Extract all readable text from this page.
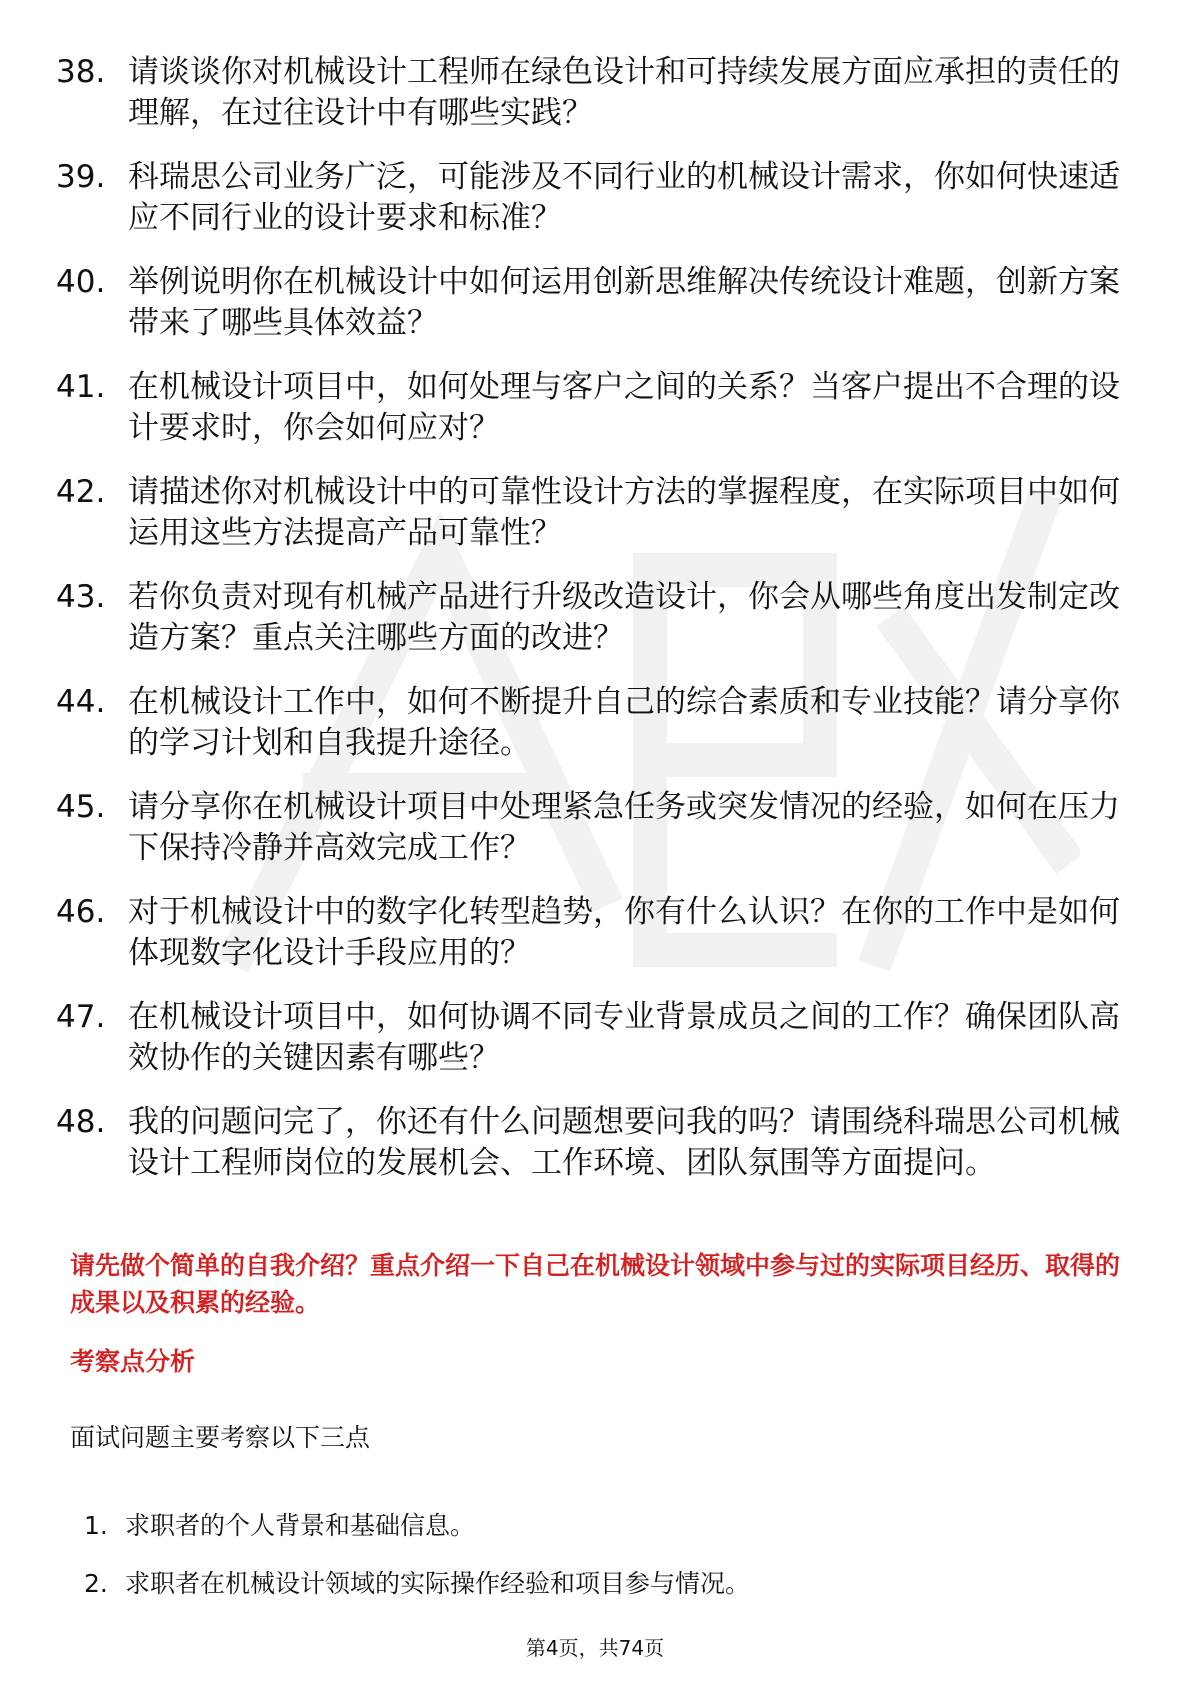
38. 请谈谈你对机械设计工程师在绿色设计和可持续发展方面应承担的责任的理解，在过往设计中有哪些实践？
39. 科瑞思公司业务广泛，可能涉及不同行业的机械设计需求，你如何快速适应不同行业的设计要求和标准？
40. 举例说明你在机械设计中如何运用创新思维解决传统设计难题，创新方案带来了哪些具体效益？
41. 在机械设计项目中，如何处理与客户之间的关系？当客户提出不合理的设计要求时，你会如何应对？
42. 请描述你对机械设计中的可靠性设计方法的掌握程度，在实际项目中如何运用这些方法提高产品可靠性？
43. 若你负责对现有机械产品进行升级改造设计，你会从哪些角度出发制定改造方案？重点关注哪些方面的改进？
44. 在机械设计工作中，如何不断提升自己的综合素质和专业技能？请分享你的学习计划和自我提升途径。
45. 请分享你在机械设计项目中处理紧急任务或突发情况的经验，如何在压力下保持冷静并高效完成工作？
46. 对于机械设计中的数字化转型趋势，你有什么认识？在你的工作中是如何体现数字化设计手段应用的？
47. 在机械设计项目中，如何协调不同专业背景成员之间的工作？确保团队高效协作的关键因素有哪些？
48. 我的问题问完了，你还有什么问题想要问我的吗？请围绕科瑞思公司机械设计工程师岗位的发展机会、工作环境、团队氛围等方面提问。

请先做个简单的自我介绍？重点介绍一下自己在机械设计领域中参与过的实际项目经历、取得的成果以及积累的经验。

考察点分析

面试问题主要考察以下三点

1. 求职者的个人背景和基础信息。
2. 求职者在机械设计领域的实际操作经验和项目参与情况。
第4页，共74页
